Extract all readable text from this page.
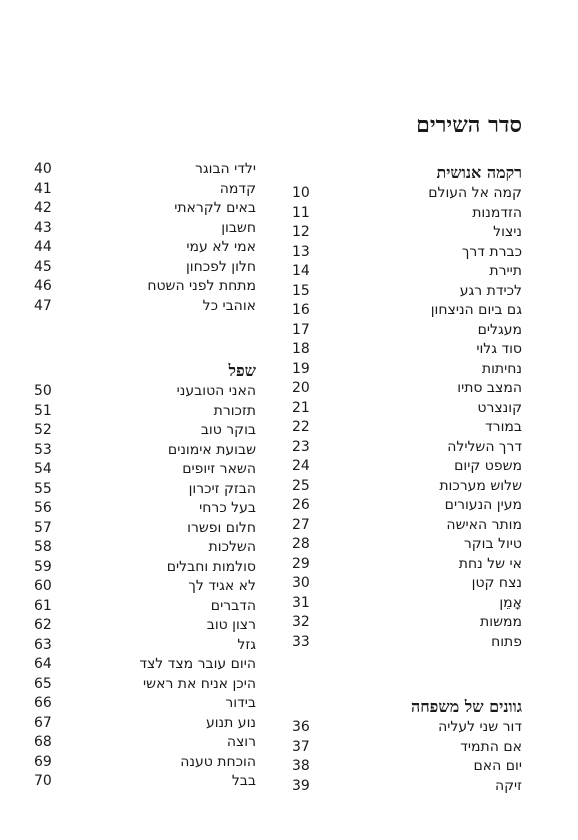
סדר השירים
רקמה אנושית
קמה אל העולם
10
הזדמנות
11
ניצול
12
כברת דרך
13
תיירת
14
לכידת רגע
15
גם ביום הניצחון
16
מעגלים
17
סוד גלוי
18
נחיתות
19
המצב סתיו
20
קונצרט
21
במורד
22
דרך השלילה
23
משפט קיום
24
שלוש מערכות
25
מעין הנעורים
26
מותר האישה
27
טיול בוקר
28
אי של נחת
29
נצח קטן
30
אָמֵן
31
ממשות
32
פתוח
33
גוונים של משפחה
דור שני לעליה
36
אם התמיד
37
יום האם
38
זיקה
39
ילדי הבוגר
40
קדמה
41
באים לקראתי
42
חשבון
43
אמי לא עמי
44
חלון לפכחון
45
מתחת לפני השטח
46
אוהבי כל
47
שפל
האני הטובעני
50
תזכורת
51
בוקר טוב
52
שבועת אימונים
53
השאר זיופים
54
הבזק זיכרון
55
בעל כרחי
56
חלום ופשרו
57
השלכות
58
סולמות וחבלים
59
לא אגיד לך
60
הדברים
61
רצון טוב
62
גזל
63
היום עובר מצד לצד
64
היכן אניח את ראשי
65
בידור
66
נוע תנוע
67
רוצה
68
הוכחת טענה
69
בבל
70
